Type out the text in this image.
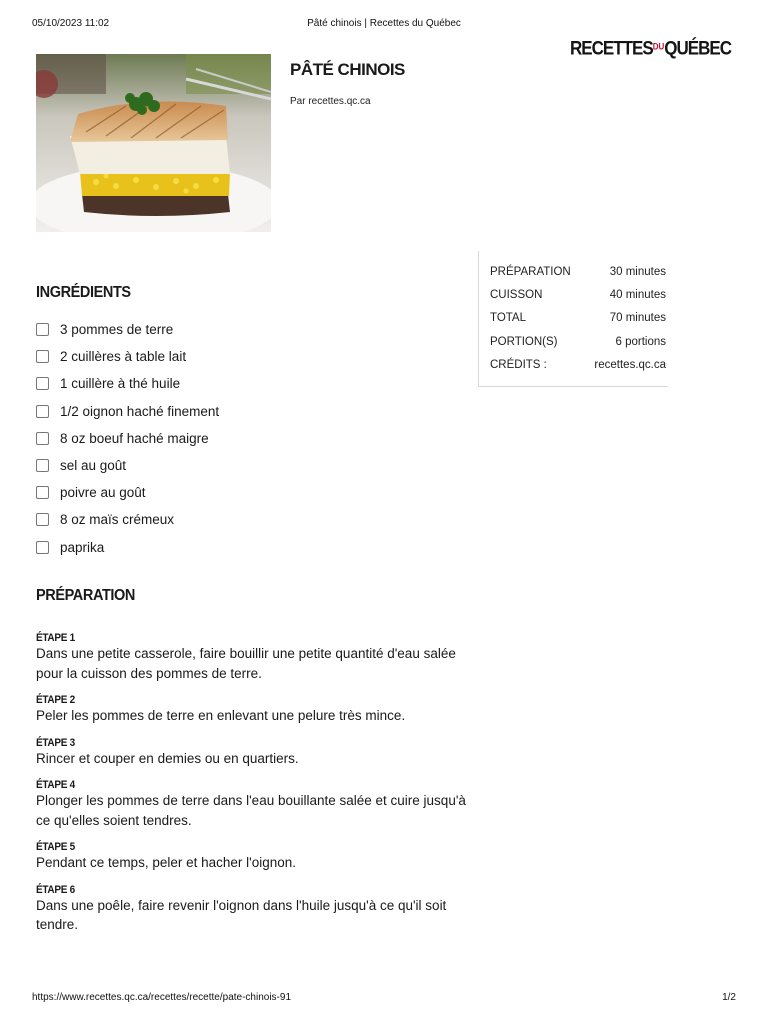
05/10/2023 11:02	Pâté chinois | Recettes du Québec
$RECETTES^{DU}QUÉBEC$
PÂTÉ CHINOIS
Par recettes.qc.ca
PRÉPARATION	30 minutes
CUISSON	40 minutes
TOTAL	70 minutes
PORTION(S)	6 portions
CRÉDITS :	recettes.qc.ca
INGRÉDIENTS
3 pommes de terre
2 cuillères à table lait
1 cuillère à thé huile
1/2 oignon haché finement
8 oz boeuf haché maigre
sel au goût
poivre au goût
8 oz maïs crémeux
paprika
PRÉPARATION
ÉTAPE 1
Dans une petite casserole, faire bouillir une petite quantité d'eau salée pour la cuisson des pommes de terre.
ÉTAPE 2
Peler les pommes de terre en enlevant une pelure très mince.
ÉTAPE 3
Rincer et couper en demies ou en quartiers.
ÉTAPE 4
Plonger les pommes de terre dans l'eau bouillante salée et cuire jusqu'à ce qu'elles soient tendres.
ÉTAPE 5
Pendant ce temps, peler et hacher l'oignon.
ÉTAPE 6
Dans une poêle, faire revenir l'oignon dans l'huile jusqu'à ce qu'il soit tendre.
https://www.recettes.qc.ca/recettes/recette/pate-chinois-91	1/2
